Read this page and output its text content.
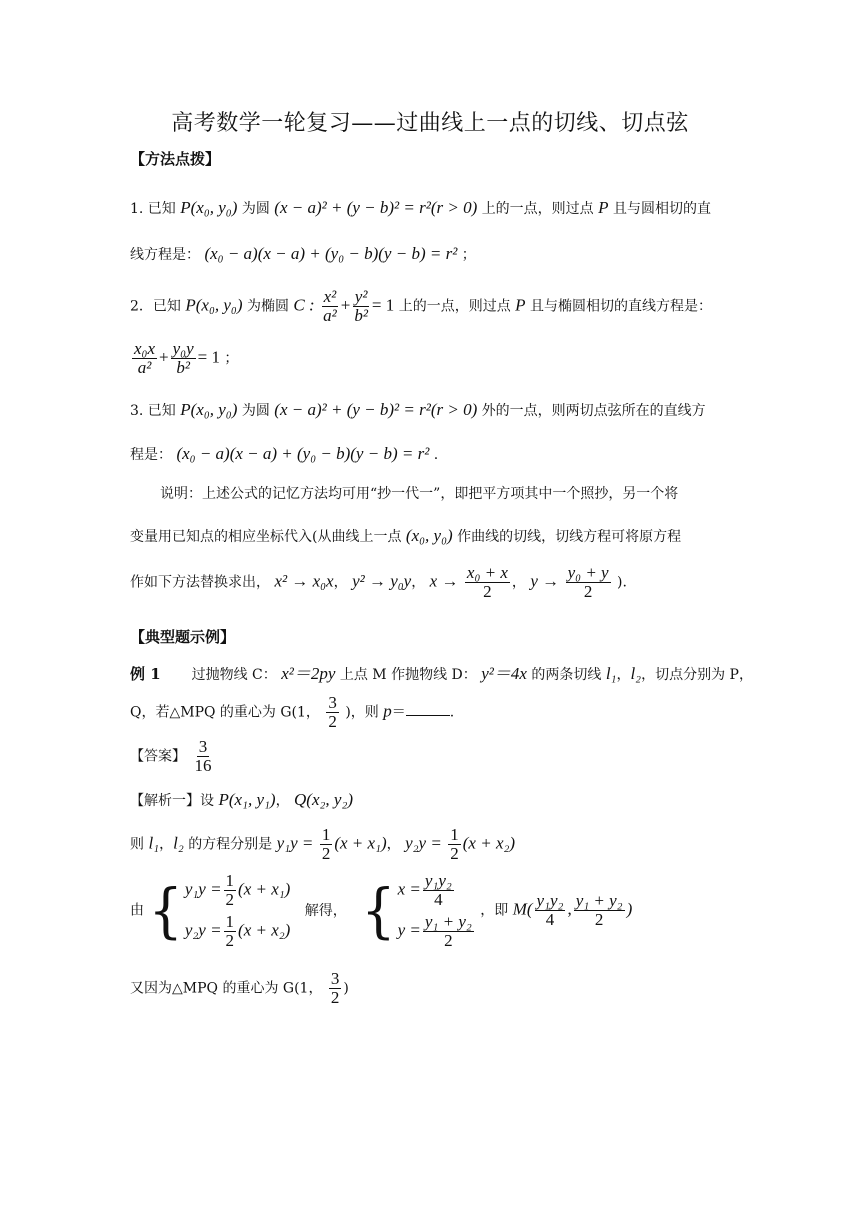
高考数学一轮复习——过曲线上一点的切线、切点弦
【方法点拨】
1. 已知 P(x₀, y₀) 为圆 (x − a)² + (y − b)² = r²(r > 0) 上的一点，则过点 P 且与圆相切的直
线方程是： (x₀ − a)(x − a) + (y₀ − b)(y − b) = r² ；
2．已知 P(x₀, y₀) 为椭圆 C : $\frac{\text{x²}}{\text{a²}} + \frac{\text{y²}}{\text{b²}} = 1$ 上的一点，则过点 P 且与椭圆相切的直线方程是：
$\frac{\text{x₀x}}{\text{a²}} + \frac{\text{y₀y}}{\text{b²}} = 1$ ；
3. 已知 P(x₀, y₀) 为圆 (x − a)² + (y − b)² = r²(r > 0) 外的一点，则两切点弦所在的直线方
程是： (x₀ − a)(x − a) + (y₀ − b)(y − b) = r² .
说明：上述公式的记忆方法均可用“抄一代一”，即把平方项其中一个照抄，另一个将
变量用已知点的相应坐标代入(从曲线上一点 (x₀, y₀) 作曲线的切线，切线方程可将原方程
作如下方法替换求出， x² → x₀x， y² → y₀y， $x \to \frac{\text{x₀ + x}}{2}$ ， $y \to \frac{\text{y₀ + y}}{2}$ ).
【典型题示例】
例 1 过抛物线 C： x²＝2py 上点 M 作抛物线 D： y²＝4x 的两条切线 l₁，l₂，切点分别为 P，
Q，若△MPQ 的重心为 G(1， $\frac{3}{2}$ )，则 p＝	.
【答案】 $\frac{3}{16}$
【解析一】设 P(x₁, y₁)， Q(x₂, y₂)
则 l₁，l₂ 的方程分别是 $y_1y = \frac{1}{2} (x + x_1)$， $y_2y = \frac{1}{2} (x + x_2)$
由 { $y_1y = \frac{1}{2} (x + x_1)$
$y_2y = \frac{1}{2} (x + x_2)$
解得， { $x = \frac{\text{y₁y₂}}{4}$
$y = \frac{\text{y₁ + y₂}}{2}$
，即 $M( \frac{\text{y₁y₂}}{4}$ , $\frac{\text{y₁ + y₂}}{2}$ )
又因为△MPQ 的重心为 G(1， $\frac{3}{2}$ )
